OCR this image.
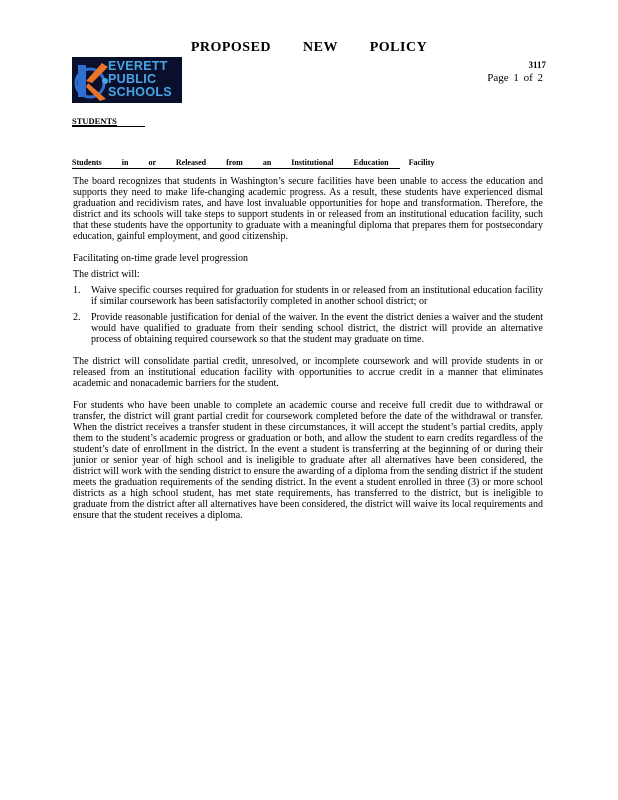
PROPOSED NEW POLICY
EVERETT
PUBLIC
SCHOOLS
3117
Page 1 of 2
STUDENTS
Students in or Released from an Institutional Education Facility

The board recognizes that students in Washington’s secure facilities have been unable to access the education and supports they need to make life-changing academic progress. As a result, these students have experienced dismal graduation and recidivism rates, and have lost invaluable opportunities for hope and transformation. Therefore, the district and its schools will take steps to support students in or released from an institutional education facility, such that these students have the opportunity to graduate with a meaningful diploma that prepares them for postsecondary education, gainful employment, and good citizenship.

Facilitating on-time grade level progression

The district will:

1. Waive specific courses required for graduation for students in or released from an institutional education facility if similar coursework has been satisfactorily completed in another school district; or
2. Provide reasonable justification for denial of the waiver. In the event the district denies a waiver and the student would have qualified to graduate from their sending school district, the district will provide an alternative process of obtaining required coursework so that the student may graduate on time.

The district will consolidate partial credit, unresolved, or incomplete coursework and will provide students in or released from an institutional education facility with opportunities to accrue credit in a manner that eliminates academic and nonacademic barriers for the student.

For students who have been unable to complete an academic course and receive full credit due to withdrawal or transfer, the district will grant partial credit for coursework completed before the date of the withdrawal or transfer. When the district receives a transfer student in these circumstances, it will accept the student’s partial credits, apply them to the student’s academic progress or graduation or both, and allow the student to earn credits regardless of the student’s date of enrollment in the district. In the event a student is transferring at the beginning of or during their junior or senior year of high school and is ineligible to graduate after all alternatives have been considered, the district will work with the sending district to ensure the awarding of a diploma from the sending district if the student meets the graduation requirements of the sending district. In the event a student enrolled in three (3) or more school districts as a high school student, has met state requirements, has transferred to the district, but is ineligible to graduate from the district after all alternatives have been considered, the district will waive its local requirements and ensure that the student receives a diploma.
